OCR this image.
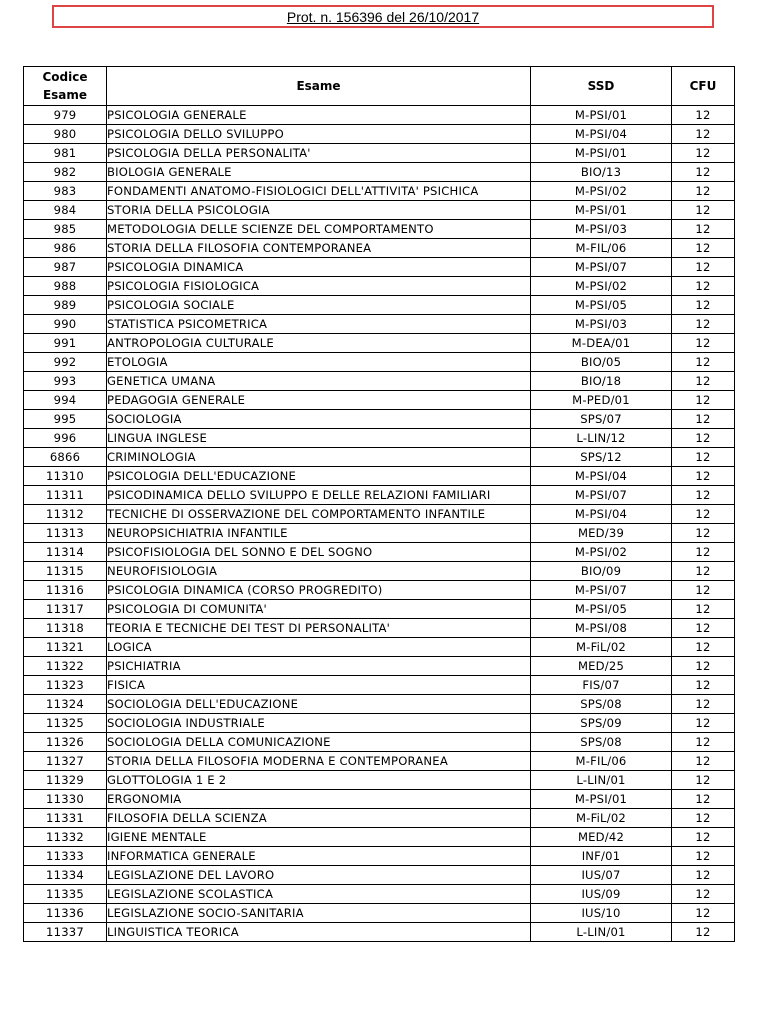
Prot. n. 156396 del 26/10/2017
Codice
Esame	Esame	SSD	CFU
979	PSICOLOGIA GENERALE	M-PSI/01	12
980	PSICOLOGIA DELLO SVILUPPO	M-PSI/04	12
981	PSICOLOGIA DELLA PERSONALITA'	M-PSI/01	12
982	BIOLOGIA GENERALE	BIO/13	12
983	FONDAMENTI ANATOMO-FISIOLOGICI DELL'ATTIVITA' PSICHICA	M-PSI/02	12
984	STORIA DELLA PSICOLOGIA	M-PSI/01	12
985	METODOLOGIA DELLE SCIENZE DEL COMPORTAMENTO	M-PSI/03	12
986	STORIA DELLA FILOSOFIA CONTEMPORANEA	M-FIL/06	12
987	PSICOLOGIA DINAMICA	M-PSI/07	12
988	PSICOLOGIA FISIOLOGICA	M-PSI/02	12
989	PSICOLOGIA SOCIALE	M-PSI/05	12
990	STATISTICA PSICOMETRICA	M-PSI/03	12
991	ANTROPOLOGIA CULTURALE	M-DEA/01	12
992	ETOLOGIA	BIO/05	12
993	GENETICA UMANA	BIO/18	12
994	PEDAGOGIA GENERALE	M-PED/01	12
995	SOCIOLOGIA	SPS/07	12
996	LINGUA INGLESE	L-LIN/12	12
6866	CRIMINOLOGIA	SPS/12	12
11310	PSICOLOGIA DELL'EDUCAZIONE	M-PSI/04	12
11311	PSICODINAMICA DELLO SVILUPPO E DELLE RELAZIONI FAMILIARI	M-PSI/07	12
11312	TECNICHE DI OSSERVAZIONE DEL COMPORTAMENTO INFANTILE	M-PSI/04	12
11313	NEUROPSICHIATRIA INFANTILE	MED/39	12
11314	PSICOFISIOLOGIA DEL SONNO E DEL SOGNO	M-PSI/02	12
11315	NEUROFISIOLOGIA	BIO/09	12
11316	PSICOLOGIA DINAMICA (CORSO PROGREDITO)	M-PSI/07	12
11317	PSICOLOGIA DI COMUNITA'	M-PSI/05	12
11318	TEORIA E TECNICHE DEI TEST DI PERSONALITA'	M-PSI/08	12
11321	LOGICA	M-FiL/02	12
11322	PSICHIATRIA	MED/25	12
11323	FISICA	FIS/07	12
11324	SOCIOLOGIA DELL'EDUCAZIONE	SPS/08	12
11325	SOCIOLOGIA INDUSTRIALE	SPS/09	12
11326	SOCIOLOGIA DELLA COMUNICAZIONE	SPS/08	12
11327	STORIA DELLA FILOSOFIA MODERNA E CONTEMPORANEA	M-FIL/06	12
11329	GLOTTOLOGIA 1 E 2	L-LIN/01	12
11330	ERGONOMIA	M-PSI/01	12
11331	FILOSOFIA DELLA SCIENZA	M-FiL/02	12
11332	IGIENE MENTALE	MED/42	12
11333	INFORMATICA GENERALE	INF/01	12
11334	LEGISLAZIONE DEL LAVORO	IUS/07	12
11335	LEGISLAZIONE SCOLASTICA	IUS/09	12
11336	LEGISLAZIONE SOCIO-SANITARIA	IUS/10	12
11337	LINGUISTICA TEORICA	L-LIN/01	12
